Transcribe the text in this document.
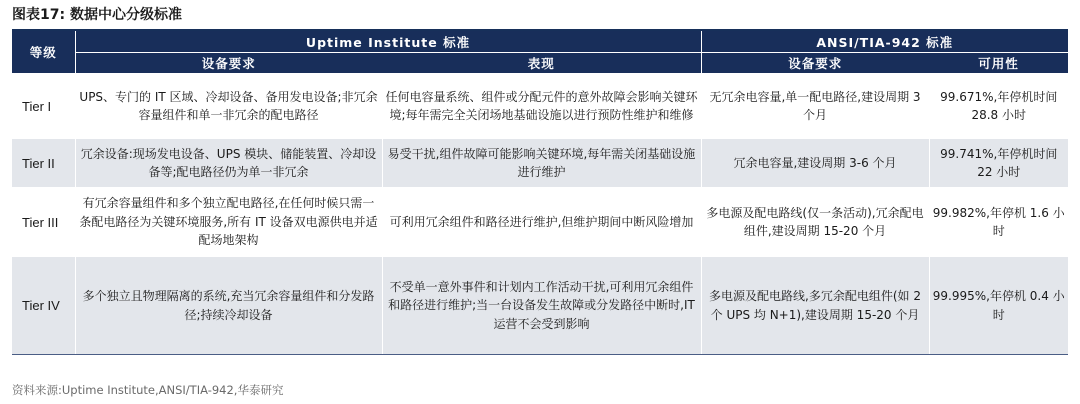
图表17: 数据中心分级标准
等级	Uptime Institute 标准		ANSI/TIA-942 标准	
	设备要求	表现	设备要求	可用性
Tier I	UPS、专门的 IT 区域、冷却设备、备用发电设备;非冗余容量组件和单一非冗余的配电路径	任何电容量系统、组件或分配元件的意外故障会影响关键环境;每年需完全关闭场地基础设施以进行预防性维护和维修	无冗余电容量,单一配电路径,建设周期 3 个月	99.671%,年停机时间 28.8 小时
Tier II	冗余设备:现场发电设备、UPS 模块、储能装置、冷却设备等;配电路径仍为单一非冗余	易受干扰,组件故障可能影响关键环境,每年需关闭基础设施进行维护	冗余电容量,建设周期 3-6 个月	99.741%,年停机时间 22 小时
Tier III	有冗余容量组件和多个独立配电路径,在任何时候只需一条配电路径为关键环境服务,所有 IT 设备双电源供电并适配场地架构	可利用冗余组件和路径进行维护,但维护期间中断风险增加	多电源及配电路线(仅一条活动),冗余配电组件,建设周期 15-20 个月	99.982%,年停机 1.6 小时
Tier IV	多个独立且物理隔离的系统,充当冗余容量组件和分发路径;持续冷却设备	不受单一意外事件和计划内工作活动干扰,可利用冗余组件和路径进行维护;当一台设备发生故障或分发路径中断时,IT 运营不会受到影响	多电源及配电路线,多冗余配电组件(如 2 个 UPS 均 N+1),建设周期 15-20 个月	99.995%,年停机 0.4 小时
资料来源:Uptime Institute,ANSI/TIA-942,华泰研究
